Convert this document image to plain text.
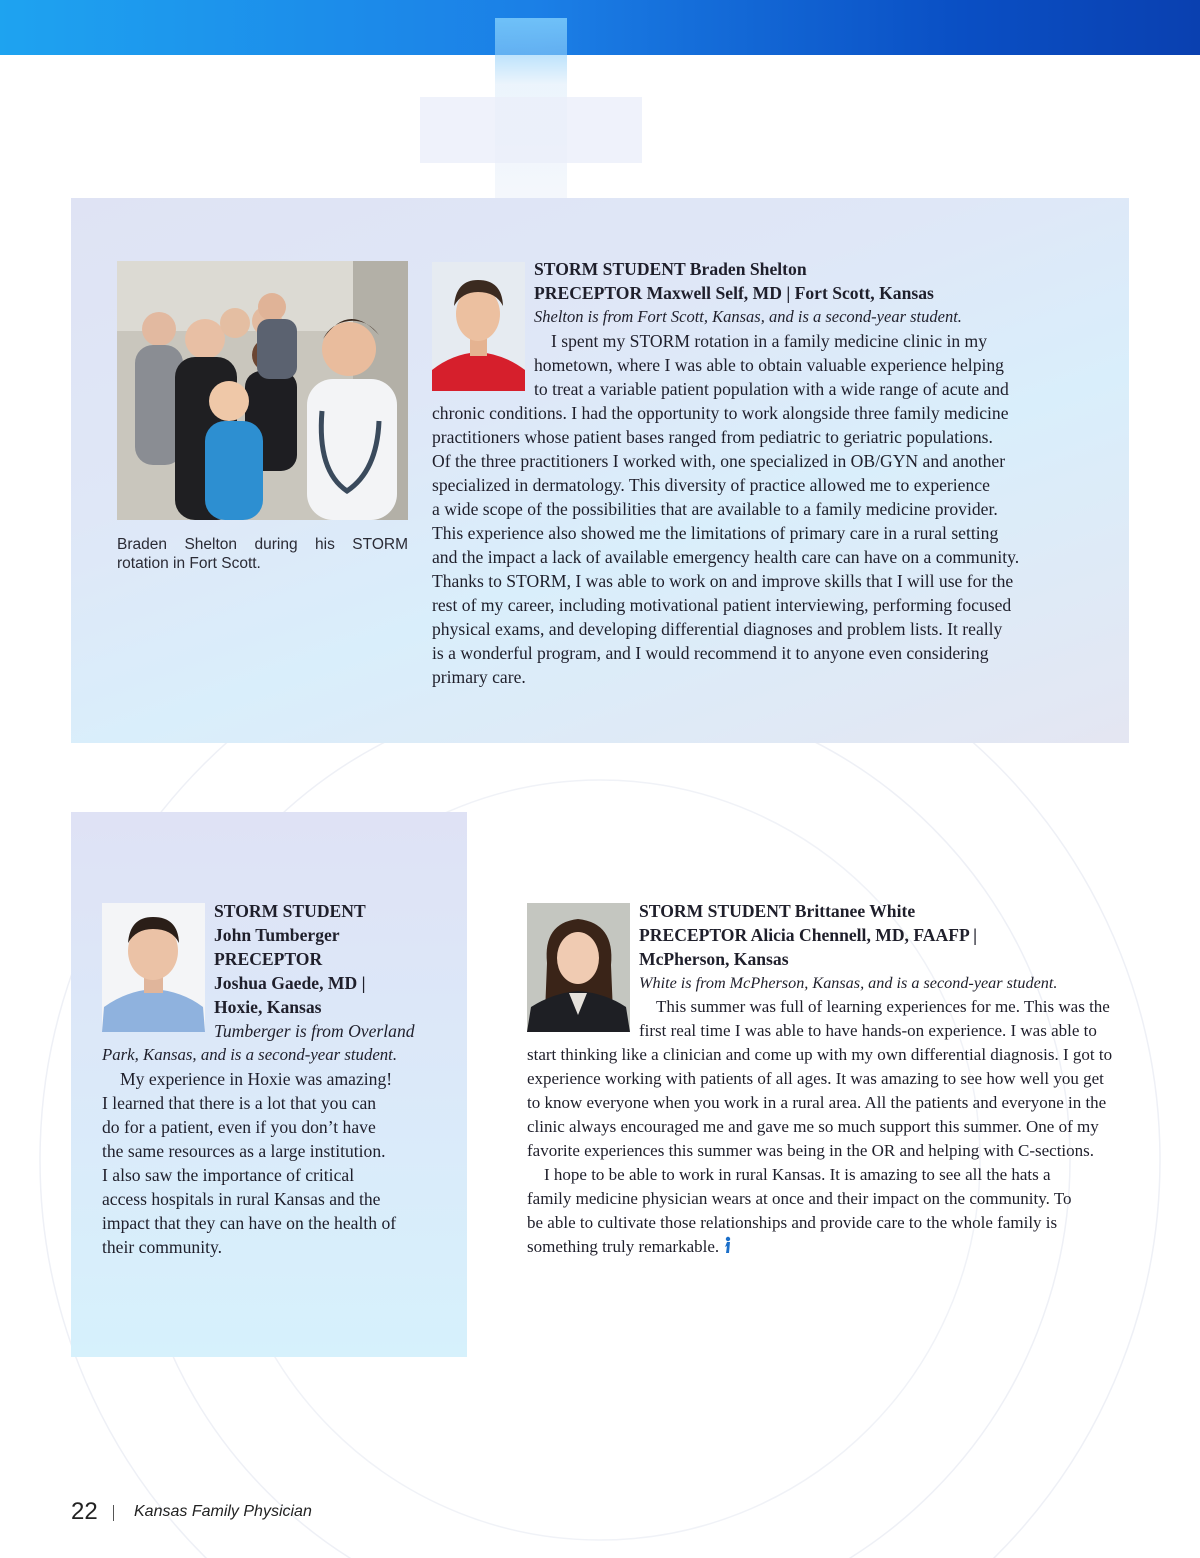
Braden Shelton during his STORM rotation in Fort Scott.
STORM STUDENT Braden Shelton
PRECEPTOR Maxwell Self, MD | Fort Scott, Kansas
Shelton is from Fort Scott, Kansas, and is a second-year student.
I spent my STORM rotation in a family medicine clinic in my
hometown, where I was able to obtain valuable experience helping
to treat a variable patient population with a wide range of acute and
chronic conditions. I had the opportunity to work alongside three family medicine
practitioners whose patient bases ranged from pediatric to geriatric populations.
Of the three practitioners I worked with, one specialized in OB/GYN and another
specialized in dermatology. This diversity of practice allowed me to experience
a wide scope of the possibilities that are available to a family medicine provider.
This experience also showed me the limitations of primary care in a rural setting
and the impact a lack of available emergency health care can have on a community.
Thanks to STORM, I was able to work on and improve skills that I will use for the
rest of my career, including motivational patient interviewing, performing focused
physical exams, and developing differential diagnoses and problem lists. It really
is a wonderful program, and I would recommend it to anyone even considering
primary care.
STORM STUDENT
John Tumberger
PRECEPTOR
Joshua Gaede, MD |
Hoxie, Kansas
Tumberger is from Overland
Park, Kansas, and is a second-year student.
My experience in Hoxie was amazing!
I learned that there is a lot that you can
do for a patient, even if you don’t have
the same resources as a large institution.
I also saw the importance of critical
access hospitals in rural Kansas and the
impact that they can have on the health of
their community.
STORM STUDENT Brittanee White
PRECEPTOR Alicia Chennell, MD, FAAFP |
McPherson, Kansas
White is from McPherson, Kansas, and is a second-year student.
This summer was full of learning experiences for me. This was the
first real time I was able to have hands-on experience. I was able to
start thinking like a clinician and come up with my own differential diagnosis. I got to
experience working with patients of all ages. It was amazing to see how well you get
to know everyone when you work in a rural area. All the patients and everyone in the
clinic always encouraged me and gave me so much support this summer. One of my
favorite experiences this summer was being in the OR and helping with C-sections.
I hope to be able to work in rural Kansas. It is amazing to see all the hats a
family medicine physician wears at once and their impact on the community. To
be able to cultivate those relationships and provide care to the whole family is
something truly remarkable.
22 Kansas Family Physician
